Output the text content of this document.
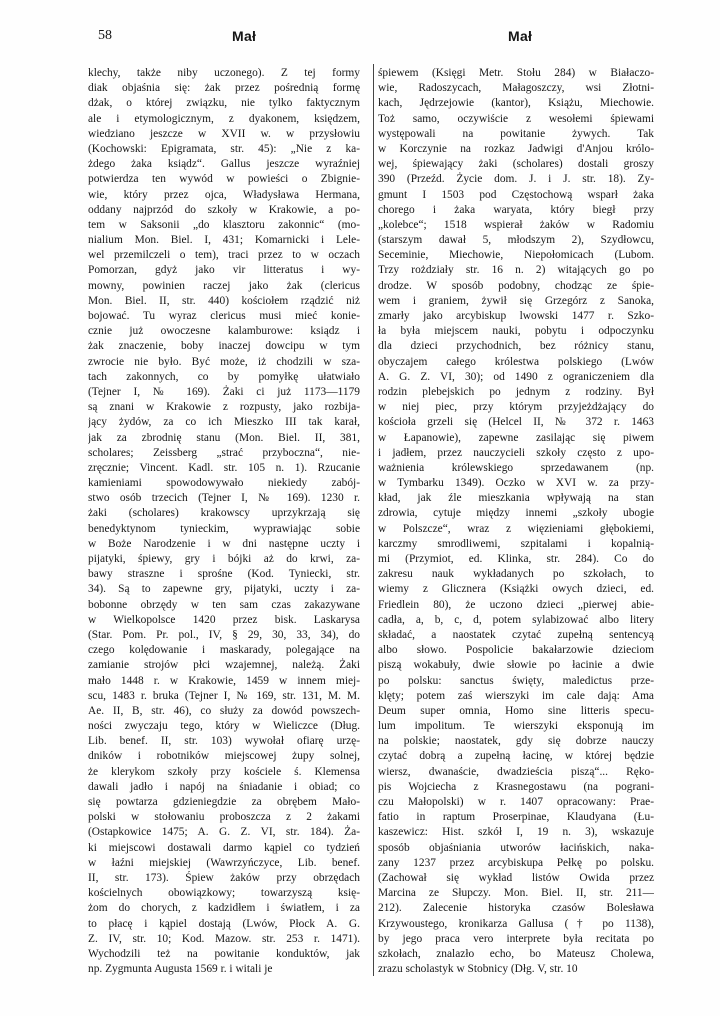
58	Mał	Mał
klechy, także niby uczonego). Z tej formy
diak objaśnia się: żak przez pośrednią formę
dżak, o której związku, nie tylko faktycznym
ale i etymologicznym, z dyakonem, księdzem,
wiedziano jeszcze w XVII w. w przysłowiu
(Kochowski: Epigramata, str. 45): „Nie z ka-
żdego żaka ksiądz“. Gallus jeszcze wyraźniej
potwierdza ten wywód w powieści o Zbignie-
wie, który przez ojca, Władysława Hermana,
oddany najprzód do szkoły w Krakowie, a po-
tem w Saksonii „do klasztoru zakonnic“ (mo-
nialium Mon. Biel. I, 431; Komarnicki i Lele-
wel przemilczeli o tem), traci przez to w oczach
Pomorzan, gdyż jako vir litteratus i wy-
mowny, powinien raczej jako żak (clericus
Mon. Biel. II, str. 440) kościołem rządzić niż
bojować. Tu wyraz clericus musi mieć konie-
cznie już owoczesne kalamburowe: ksiądz i
żak znaczenie, boby inaczej dowcipu w tym
zwrocie nie było. Być może, iż chodzili w sza-
tach zakonnych, co by pomyłkę ułatwiało
(Tejner I, № 169). Żaki ci już 1173—1179
są znani w Krakowie z rozpusty, jako rozbija-
jący żydów, za co ich Mieszko III tak karał,
jak za zbrodnię stanu (Mon. Biel. II, 381,
scholares; Zeissberg „strać przyboczna“, nie-
zręcznie; Vincent. Kadl. str. 105 n. 1). Rzucanie
kamieniami spowodowywało niekiedy zabój-
stwo osób trzecich (Tejner I, № 169). 1230 r.
żaki (scholares) krakowscy uprzykrzają się
benedyktynom tynieckim, wyprawiając sobie
w Boże Narodzenie i w dni następne uczty i
pijatyki, śpiewy, gry i bójki aż do krwi, za-
bawy straszne i sprośne (Kod. Tyniecki, str.
34). Są to zapewne gry, pijatyki, uczty i za-
bobonne obrzędy w ten sam czas zakazywane
w Wielkopolsce 1420 przez bisk. Laskarysa
(Star. Pom. Pr. pol., IV, § 29, 30, 33, 34), do
czego kolędowanie i maskarady, polegające na
zamianie strojów płci wzajemnej, należą. Żaki
mało 1448 r. w Krakowie, 1459 w innem miej-
scu, 1483 r. bruka (Tejner I, № 169, str. 131, M. M.
Ae. II, B, str. 46), co służy za dowód powszech-
ności zwyczaju tego, który w Wieliczce (Dług.
Lib. benef. II, str. 103) wywołał ofiarę urzę-
dników i robotników miejscowej żupy solnej,
że klerykom szkoły przy kościele ś. Klemensa
dawali jadło i napój na śniadanie i obiad; co
się powtarza gdzieniegdzie za obrębem Mało-
polski w stołowaniu proboszcza z 2 żakami
(Ostapkowice 1475; A. G. Z. VI, str. 184). Ża-
ki miejscowi dostawali darmo kąpiel co tydzień
w łaźni miejskiej (Wawrzyńczyce, Lib. benef.
II, str. 173). Śpiew żaków przy obrzędach
kościelnych obowiązkowy; towarzyszą księ-
żom do chorych, z kadzidłem i światłem, i za
to płacę i kąpiel dostają (Lwów, Płock A. G.
Z. IV, str. 10; Kod. Mazow. str. 253 r. 1471).
Wychodzili też na powitanie konduktów, jak
np. Zygmunta Augusta 1569 r. i witali je
śpiewem (Księgi Metr. Stołu 284) w Białaczo-
wie, Radoszycach, Małagoszczy, wsi Złotni-
kach, Jędrzejowie (kantor), Książu, Miechowie.
Toż samo, oczywiście z wesołemi śpiewami
występowali na powitanie żywych. Tak
w Korczynie na rozkaz Jadwigi d'Anjou królo-
wej, śpiewający żaki (scholares) dostali groszy
390 (Przeźd. Życie dom. J. i J. str. 18). Zy-
gmunt I 1503 pod Częstochową wsparł żaka
chorego i żaka waryata, który biegł przy
„kolebce“; 1518 wspierał żaków w Radomiu
(starszym dawał 5, młodszym 2), Szydłowcu,
Seceminie, Miechowie, Niepołomicach (Lubom.
Trzy rożdziały str. 16 n. 2) witających go po
drodze. W sposób podobny, chodząc ze śpie-
wem i graniem, żywił się Grzegórz z Sanoka,
zmarły jako arcybiskup lwowski 1477 r. Szko-
ła była miejscem nauki, pobytu i odpoczynku
dla dzieci przychodnich, bez różnicy stanu,
obyczajem całego królestwa polskiego (Lwów
A. G. Z. VI, 30); od 1490 z ograniczeniem dla
rodzin plebejskich po jednym z rodziny. Był
w niej piec, przy którym przyjeżdżający do
kościoła grzeli się (Helcel II, № 372 r. 1463
w Łapanowie), zapewne zasilając się piwem
i jadłem, przez nauczycieli szkoły często z upo-
ważnienia królewskiego sprzedawanem (np.
w Tymbarku 1349). Oczko w XVI w. za przy-
kład, jak źle mieszkania wpływają na stan
zdrowia, cytuje między innemi „szkoły ubogie
w Polszcze“, wraz z więzieniami głębokiemi,
karczmy smrodliwemi, szpitalami i kopalnią-
mi (Przymiot, ed. Klinka, str. 284). Co do
zakresu nauk wykładanych po szkołach, to
wiemy z Glicznera (Książki owych dzieci, ed.
Friedlein 80), że uczono dzieci „pierwej abie-
cadła, a, b, c, d, potem sylabizować albo litery
składać, a naostatek czytać zupełną sentencyą
albo słowo. Pospolicie bakałarzowie dzieciom
piszą wokabuły, dwie słowie po łacinie a dwie
po polsku: sanctus święty, maledictus prze-
klęty; potem zaś wierszyki im cale dają: Ama
Deum super omnia, Homo sine litteris specu-
lum impolitum. Te wierszyki eksponują im
na polskie; naostatek, gdy się dobrze nauczy
czytać dobrą a zupełną łacinę, w której będzie
wiersz, dwanaście, dwadzieścia piszą“... Ręko-
pis Wojciecha z Krasnegostawu (na pograni-
czu Małopolski) w r. 1407 opracowany: Prae-
fatio in raptum Proserpinae, Klaudyana (Łu-
kaszewicz: Hist. szkół I, 19 n. 3), wskazuje
sposób objaśniania utworów łacińskich, naka-
zany 1237 przez arcybiskupa Pełkę po polsku.
(Zachował się wykład listów Owida przez
Marcina ze Słupczy. Mon. Biel. II, str. 211—
212). Zalecenie historyka czasów Bolesława
Krzywoustego, kronikarza Gallusa († po 1138),
by jego praca vero interprete była recitata po
szkołach, znalazło echo, bo Mateusz Cholewa,
zrazu scholastyk w Stobnicy (Dłg. V, str. 10
